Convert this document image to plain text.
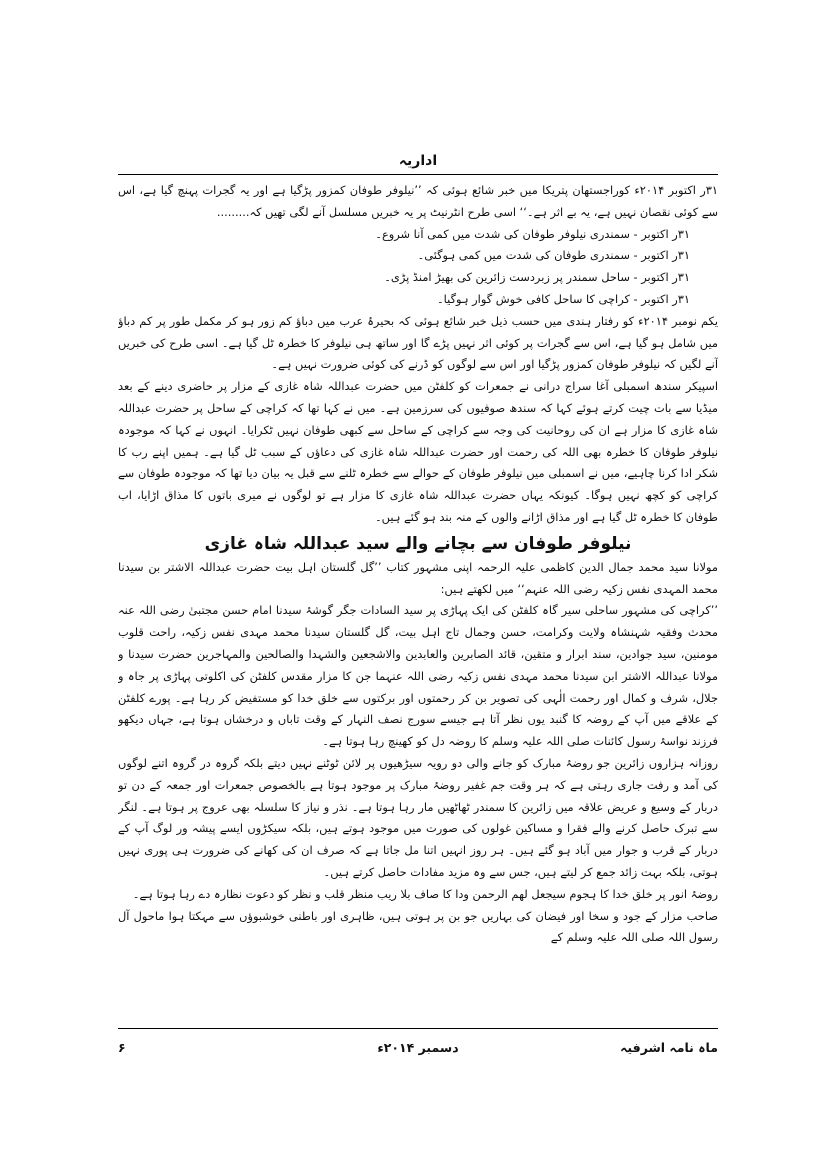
اداریہ

۳۱ر اکتوبر ۲۰۱۴ء کوراجستھان پتریکا میں خبر شائع ہوئی کہ ’’نیلوفر طوفان کمزور پڑگیا ہے اور یہ گجرات پہنچ گیا ہے، اس سے کوئی نقصان نہیں ہے، یہ بے اثر ہے۔‘‘ اسی طرح انٹرنیٹ پر یہ خبریں مسلسل آنے لگی تھیں کہ.........

۳۱ر اکتوبر - سمندری نیلوفر طوفان کی شدت میں کمی آنا شروع۔

۳۱ر اکتوبر - سمندری طوفان کی شدت میں کمی ہوگئی۔

۳۱ر اکتوبر - ساحل سمندر پر زبردست زائرین کی بھیڑ امنڈ پڑی۔

۳۱ر اکتوبر - کراچی کا ساحل کافی خوش گوار ہوگیا۔

یکم نومبر ۲۰۱۴ء کو رفتار ہندی میں حسب ذیل خبر شائع ہوئی کہ بحیرۂ عرب میں دباؤ کم زور ہو کر مکمل طور پر کم دباؤ میں شامل ہو گیا ہے، اس سے گجرات پر کوئی اثر نہیں پڑے گا اور ساتھ ہی نیلوفر کا خطرہ ٹل گیا ہے۔ اسی طرح کی خبریں آنے لگیں کہ نیلوفر طوفان کمزور پڑگیا اور اس سے لوگوں کو ڈرنے کی کوئی ضرورت نہیں ہے۔

اسپیکر سندھ اسمبلی آغا سراج درانی نے جمعرات کو کلفٹن میں حضرت عبداللہ شاہ غازی کے مزار پر حاضری دینے کے بعد میڈیا سے بات چیت کرتے ہوئے کہا کہ سندھ صوفیوں کی سرزمین ہے۔ میں نے کہا تھا کہ کراچی کے ساحل پر حضرت عبداللہ شاہ غازی کا مزار ہے ان کی روحانیت کی وجہ سے کراچی کے ساحل سے کبھی طوفان نہیں ٹکرایا۔ انہوں نے کہا کہ موجودہ نیلوفر طوفان کا خطرہ بھی اللہ کی رحمت اور حضرت عبداللہ شاہ غازی کی دعاؤں کے سبب ٹل گیا ہے۔ ہمیں اپنے رب کا شکر ادا کرنا چاہیے، میں نے اسمبلی میں نیلوفر طوفان کے حوالے سے خطرہ ٹلنے سے قبل یہ بیان دیا تھا کہ موجودہ طوفان سے کراچی کو کچھ نہیں ہوگا۔ کیونکہ یہاں حضرت عبداللہ شاہ غازی کا مزار ہے تو لوگوں نے میری باتوں کا مذاق اڑایا، اب طوفان کا خطرہ ٹل گیا ہے اور مذاق اڑانے والوں کے منہ بند ہو گئے ہیں۔

نیلوفر طوفان سے بچانے والے سید عبداللہ شاہ غازی

مولانا سید محمد جمال الدین کاظمی علیہ الرحمہ اپنی مشہور کتاب ’’گل گلستان اہل بیت حضرت عبداللہ الاشتر بن سیدنا محمد المہدی نفس زکیہ رضی اللہ عنہم‘‘ میں لکھتے ہیں:

’’کراچی کی مشہور ساحلی سیر گاہ کلفٹن کی ایک پہاڑی پر سید السادات جگر گوشۂ سیدنا امام حسن مجتبیٰ رضی اللہ عنہ محدث وفقیہ شہنشاہ ولایت وکرامت، حسن وجمال تاج اہل بیت، گل گلستان سیدنا محمد مہدی نفس زکیہ، راحت قلوب مومنین، سید جوادین، سند ابرار و متقین، قائد الصابرین والعابدین والاشجعین والشہدا والصالحین والمہاجرین حضرت سیدنا و مولانا عبداللہ الاشتر ابن سیدنا محمد مہدی نفس زکیہ رضی اللہ عنہما جن کا مزار مقدس کلفٹن کی اکلوتی پہاڑی پر جاہ و جلال، شرف و کمال اور رحمت الٰہی کی تصویر بن کر رحمتوں اور برکتوں سے خلق خدا کو مستفیض کر رہا ہے۔ پورے کلفٹن کے علاقے میں آپ کے روضہ کا گنبد یوں نظر آتا ہے جیسے سورج نصف النہار کے وقت تاباں و درخشاں ہوتا ہے، جہاں دیکھو فرزند نواسۂ رسول کائنات صلی اللہ علیہ وسلم کا روضہ دل کو کھینچ رہا ہوتا ہے۔

روزانہ ہزاروں زائرین جو روضۂ مبارک کو جانے والی دو رویہ سیڑھیوں پر لائن ٹوٹنے نہیں دیتے بلکہ گروہ در گروہ اتنے لوگوں کی آمد و رفت جاری رہتی ہے کہ ہر وقت جم غفیر روضۂ مبارک پر موجود ہوتا ہے بالخصوص جمعرات اور جمعہ کے دن تو دربار کے وسیع و عریض علاقہ میں زائرین کا سمندر ٹھاٹھیں مار رہا ہوتا ہے۔ نذر و نیاز کا سلسلہ بھی عروج پر ہوتا ہے۔ لنگر سے تبرک حاصل کرنے والے فقرا و مساکین غولوں کی صورت میں موجود ہوتے ہیں، بلکہ سیکڑوں ایسے پیشہ ور لوگ آپ کے دربار کے قرب و جوار میں آباد ہو گئے ہیں۔ ہر روز انہیں اتنا مل جاتا ہے کہ صرف ان کی کھانے کی ضرورت ہی پوری نہیں ہوتی، بلکہ بہت زائد جمع کر لیتے ہیں، جس سے وہ مزید مفادات حاصل کرتے ہیں۔

روضۂ انور پر خلق خدا کا ہجوم سیجعل لھم الرحمن ودا کا صاف بلا ریب منظر قلب و نظر کو دعوت نظارہ دے رہا ہوتا ہے۔

صاحب مزار کے جود و سخا اور فیضان کی بہاریں جو بن پر ہوتی ہیں، ظاہری اور باطنی خوشبوؤں سے مہکتا ہوا ماحول آل رسول اللہ صلی اللہ علیہ وسلم کے

ماہ نامہ اشرفیہ
دسمبر ۲۰۱۴ء
۶
